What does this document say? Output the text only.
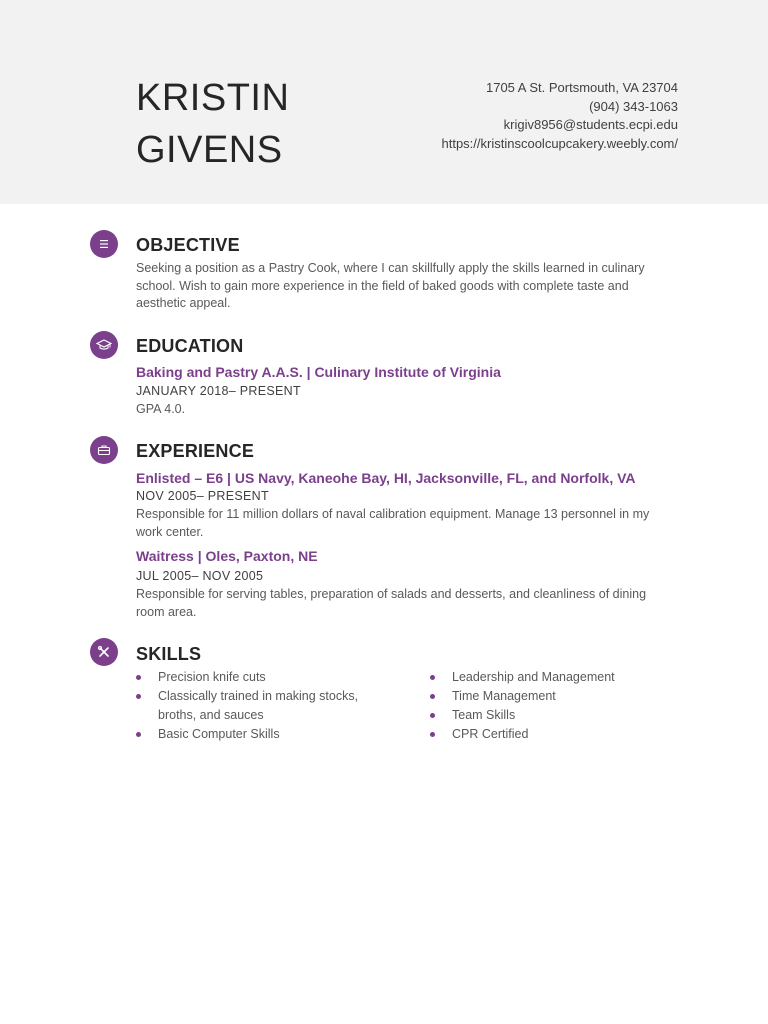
KRISTIN
GIVENS
1705 A St. Portsmouth, VA 23704
(904) 343-1063
krigiv8956@students.ecpi.edu
https://kristinscoolcupcakery.weebly.com/
OBJECTIVE
Seeking a position as a Pastry Cook, where I can skillfully apply the skills learned in culinary school. Wish to gain more experience in the field of baked goods with complete taste and aesthetic appeal.
EDUCATION
Baking and Pastry A.A.S. | Culinary Institute of Virginia
JANUARY 2018– PRESENT
GPA 4.0.
EXPERIENCE
Enlisted – E6 | US Navy, Kaneohe Bay, HI, Jacksonville, FL, and Norfolk, VA
NOV 2005– PRESENT
Responsible for 11 million dollars of naval calibration equipment. Manage 13 personnel in my work center.
Waitress | Oles, Paxton, NE
JUL 2005– NOV 2005
Responsible for serving tables, preparation of salads and desserts, and cleanliness of dining room area.
SKILLS
Precision knife cuts
Classically trained in making stocks, broths, and sauces
Basic Computer Skills
Leadership and Management
Time Management
Team Skills
CPR Certified
